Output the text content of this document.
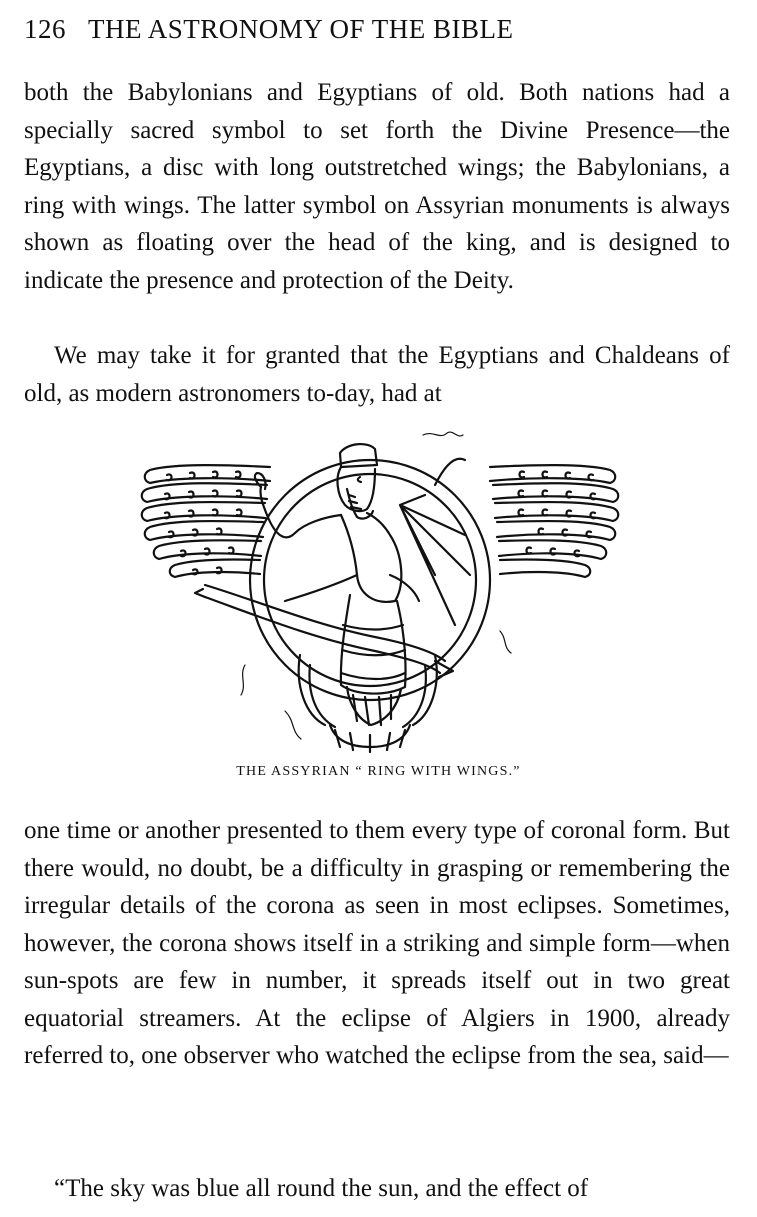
126 THE ASTRONOMY OF THE BIBLE

both the Babylonians and Egyptians of old. Both nations had a specially sacred symbol to set forth the Divine Presence—the Egyptians, a disc with long outstretched wings; the Babylonians, a ring with wings. The latter symbol on Assyrian monuments is always shown as floating over the head of the king, and is designed to indicate the presence and protection of the Deity.

We may take it for granted that the Egyptians and Chaldeans of old, as modern astronomers to-day, had at

THE ASSYRIAN “ RING WITH WINGS.”

one time or another presented to them every type of coronal form. But there would, no doubt, be a difficulty in grasping or remembering the irregular details of the corona as seen in most eclipses. Sometimes, however, the corona shows itself in a striking and simple form—when sun-spots are few in number, it spreads itself out in two great equatorial streamers. At the eclipse of Algiers in 1900, already referred to, one observer who watched the eclipse from the sea, said—

“The sky was blue all round the sun, and the effect of
